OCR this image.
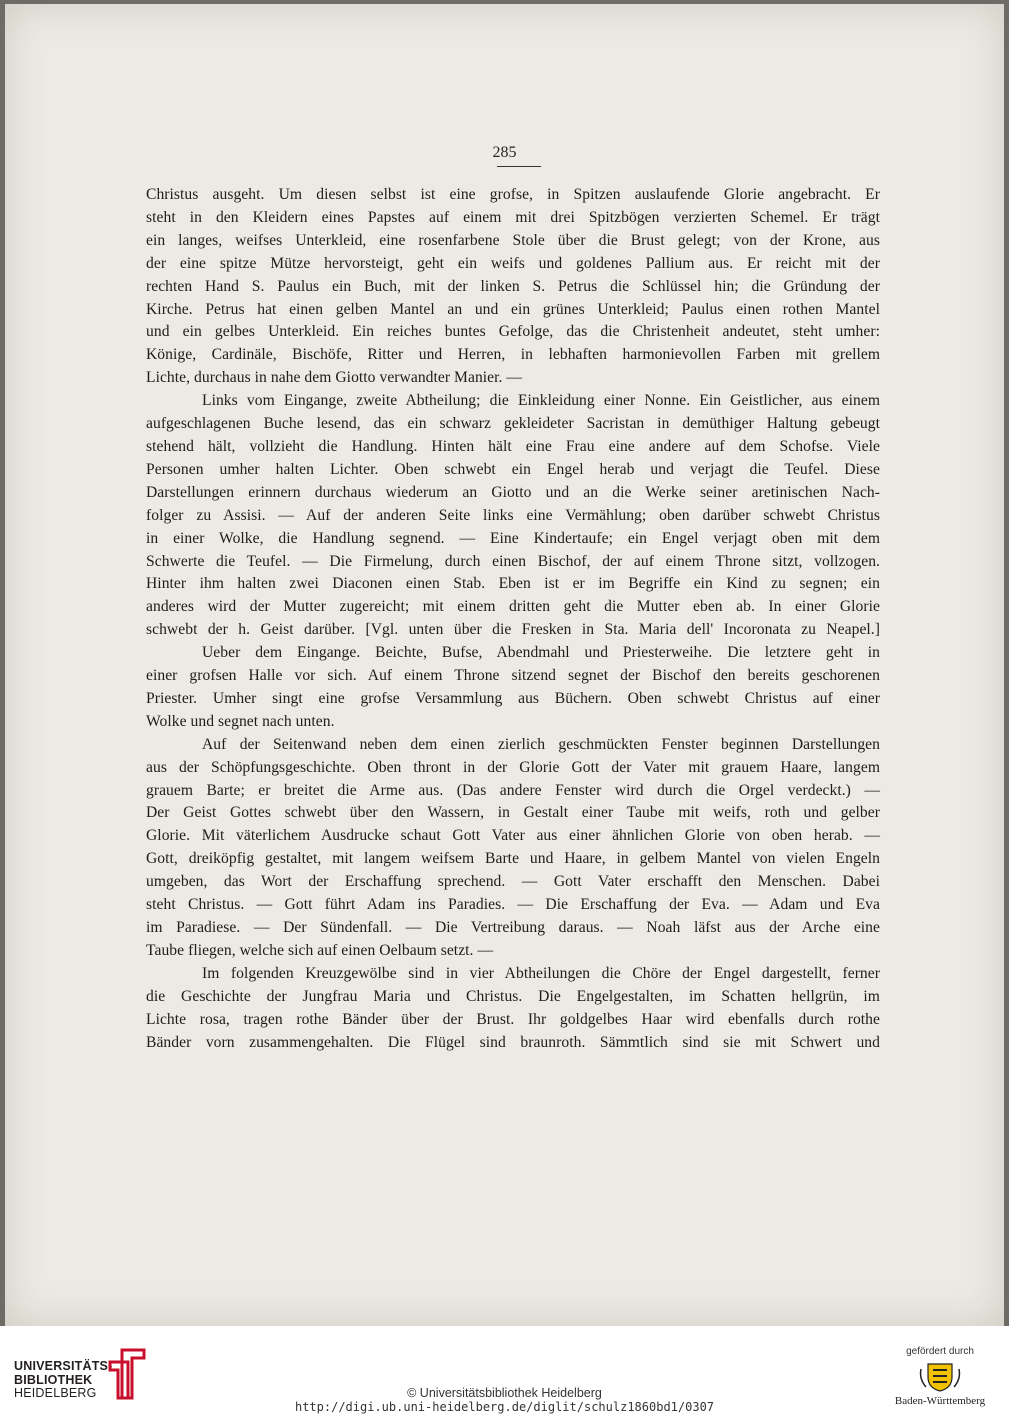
285

Christus ausgeht. Um diesen selbst ist eine grofse, in Spitzen auslaufende Glorie angebracht. Er

steht in den Kleidern eines Papstes auf einem mit drei Spitzbögen verzierten Schemel. Er trägt

ein langes, weifses Unterkleid, eine rosenfarbene Stole über die Brust gelegt; von der Krone, aus

der eine spitze Mütze hervorsteigt, geht ein weifs und goldenes Pallium aus. Er reicht mit der

rechten Hand S. Paulus ein Buch, mit der linken S. Petrus die Schlüssel hin; die Gründung der

Kirche. Petrus hat einen gelben Mantel an und ein grünes Unterkleid; Paulus einen rothen Mantel

und ein gelbes Unterkleid. Ein reiches buntes Gefolge, das die Christenheit andeutet, steht umher:

Könige, Cardinäle, Bischöfe, Ritter und Herren, in lebhaften harmonievollen Farben mit grellem

Lichte, durchaus in nahe dem Giotto verwandter Manier. —

Links vom Eingange, zweite Abtheilung; die Einkleidung einer Nonne. Ein Geistlicher, aus einem

aufgeschlagenen Buche lesend, das ein schwarz gekleideter Sacristan in demüthiger Haltung gebeugt

stehend hält, vollzieht die Handlung. Hinten hält eine Frau eine andere auf dem Schofse. Viele

Personen umher halten Lichter. Oben schwebt ein Engel herab und verjagt die Teufel. Diese

Darstellungen erinnern durchaus wiederum an Giotto und an die Werke seiner aretinischen Nach-

folger zu Assisi. — Auf der anderen Seite links eine Vermählung; oben darüber schwebt Christus

in einer Wolke, die Handlung segnend. — Eine Kindertaufe; ein Engel verjagt oben mit dem

Schwerte die Teufel. — Die Firmelung, durch einen Bischof, der auf einem Throne sitzt, vollzogen.

Hinter ihm halten zwei Diaconen einen Stab. Eben ist er im Begriffe ein Kind zu segnen; ein

anderes wird der Mutter zugereicht; mit einem dritten geht die Mutter eben ab. In einer Glorie

schwebt der h. Geist darüber. [Vgl. unten über die Fresken in Sta. Maria dell' Incoronata zu Neapel.]

Ueber dem Eingange. Beichte, Bufse, Abendmahl und Priesterweihe. Die letztere geht in

einer grofsen Halle vor sich. Auf einem Throne sitzend segnet der Bischof den bereits geschorenen

Priester. Umher singt eine grofse Versammlung aus Büchern. Oben schwebt Christus auf einer

Wolke und segnet nach unten.

Auf der Seitenwand neben dem einen zierlich geschmückten Fenster beginnen Darstellungen

aus der Schöpfungsgeschichte. Oben thront in der Glorie Gott der Vater mit grauem Haare, langem

grauem Barte; er breitet die Arme aus. (Das andere Fenster wird durch die Orgel verdeckt.) —

Der Geist Gottes schwebt über den Wassern, in Gestalt einer Taube mit weifs, roth und gelber

Glorie. Mit väterlichem Ausdrucke schaut Gott Vater aus einer ähnlichen Glorie von oben herab. —

Gott, dreiköpfig gestaltet, mit langem weifsem Barte und Haare, in gelbem Mantel von vielen Engeln

umgeben, das Wort der Erschaffung sprechend. — Gott Vater erschafft den Menschen. Dabei

steht Christus. — Gott führt Adam ins Paradies. — Die Erschaffung der Eva. — Adam und Eva

im Paradiese. — Der Sündenfall. — Die Vertreibung daraus. — Noah läfst aus der Arche eine

Taube fliegen, welche sich auf einen Oelbaum setzt. —

Im folgenden Kreuzgewölbe sind in vier Abtheilungen die Chöre der Engel dargestellt, ferner

die Geschichte der Jungfrau Maria und Christus. Die Engelgestalten, im Schatten hellgrün, im

Lichte rosa, tragen rothe Bänder über der Brust. Ihr goldgelbes Haar wird ebenfalls durch rothe

Bänder vorn zusammengehalten. Die Flügel sind braunroth. Sämmtlich sind sie mit Schwert und

UNIVERSITÄTS-
BIBLIOTHEK
HEIDELBERG	© Universitätsbibliothek Heidelberg
http://digi.ub.uni-heidelberg.de/diglit/schulz1860bd1/0307
gefördert durch
Baden-Württemberg
